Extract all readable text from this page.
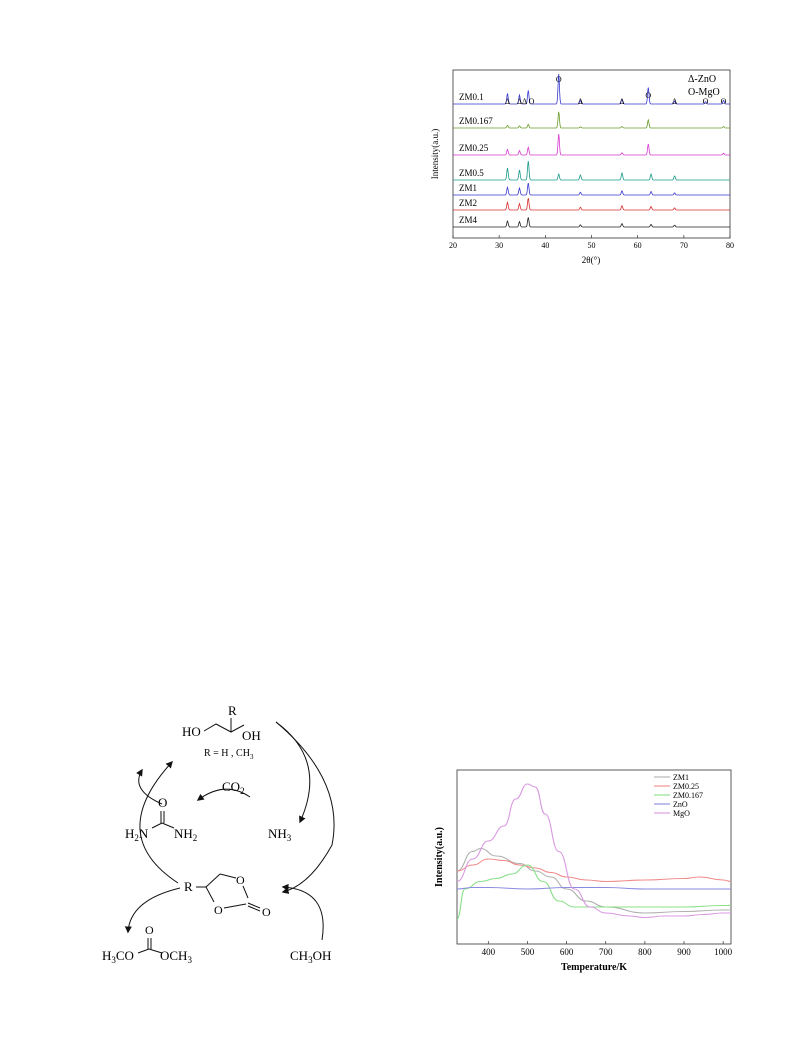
ZM0.1
ZM0.167
ZM0.25
ZM0.5
ZM1
ZM2
ZM4
20	30	40	50	60	70	80
Δ Δ Δ O
O
Δ	Δ
O
Δ	O O
Δ-ZnO
O-MgO
2θ(°)
Intensity(a.u.)
R
HO	OH
R = H , $CH_3$
$CO_2$
O
$H_2N$ $NH_2$	$NH_3$
R	O
O	O
O
$H_3CO$ $OCH_3$	$CH_3OH$	400	500	600	700	800	900	1000
ZM1
ZM0.25
ZM0.167
ZnO
MgO
Temperature/K
Intensity(a.u.)
